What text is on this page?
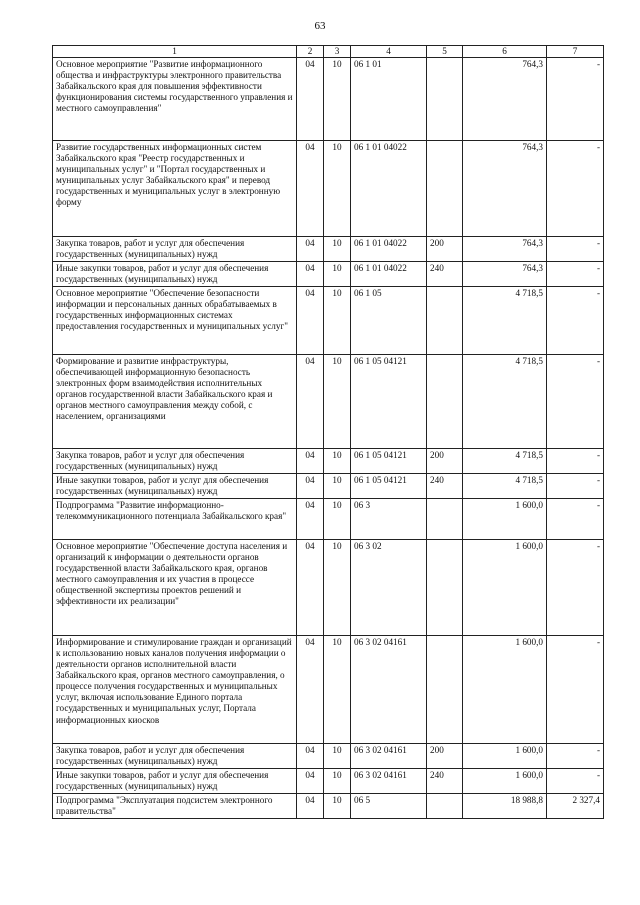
63
1	2	3	4	5	6	7
Основное мероприятие "Развитие информационного общества и инфраструктуры электронного правительства Забайкальского края для повышения эффективности функционирования системы государственного управления и местного самоуправления"	04	10	06 1 01		764,3	-
Развитие государственных информационных систем Забайкальского края "Реестр государственных и муниципальных услуг" и "Портал государственных и муниципальных услуг Забайкальского края" и перевод государственных и муниципальных услуг в электронную форму	04	10	06 1 01 04022		764,3	-
Закупка товаров, работ и услуг для обеспечения государственных (муниципальных) нужд	04	10	06 1 01 04022	200	764,3	-
Иные закупки товаров, работ и услуг для обеспечения государственных (муниципальных) нужд	04	10	06 1 01 04022	240	764,3	-
Основное мероприятие "Обеспечение безопасности информации и персональных данных обрабатываемых в государственных информационных системах предоставления государственных и муниципальных услуг"	04	10	06 1 05		4 718,5	-
Формирование и развитие инфраструктуры, обеспечивающей информационную безопасность электронных форм взаимодействия исполнительных органов государственной власти Забайкальского края и органов местного самоуправления между собой, с населением, организациями	04	10	06 1 05 04121		4 718,5	-
Закупка товаров, работ и услуг для обеспечения государственных (муниципальных) нужд	04	10	06 1 05 04121	200	4 718,5	-
Иные закупки товаров, работ и услуг для обеспечения государственных (муниципальных) нужд	04	10	06 1 05 04121	240	4 718,5	-
Подпрограмма "Развитие информационно-телекоммуникационного потенциала Забайкальского края"	04	10	06 3		1 600,0	-
Основное мероприятие "Обеспечение доступа населения и организаций к информации о деятельности органов государственной власти Забайкальского края, органов местного самоуправления и их участия в процессе общественной экспертизы проектов решений и эффективности их реализации"	04	10	06 3 02		1 600,0	-
Информирование и стимулирование граждан и организаций к использованию новых каналов получения информации о деятельности органов исполнительной власти Забайкальского края, органов местного самоуправления, о процессе получения государственных и муниципальных услуг, включая использование Единого портала государственных и муниципальных услуг, Портала информационных киосков	04	10	06 3 02 04161		1 600,0	-
Закупка товаров, работ и услуг для обеспечения государственных (муниципальных) нужд	04	10	06 3 02 04161	200	1 600,0	-
Иные закупки товаров, работ и услуг для обеспечения государственных (муниципальных) нужд	04	10	06 3 02 04161	240	1 600,0	-
Подпрограмма "Эксплуатация подсистем электронного правительства"	04	10	06 5		18 988,8	2 327,4
